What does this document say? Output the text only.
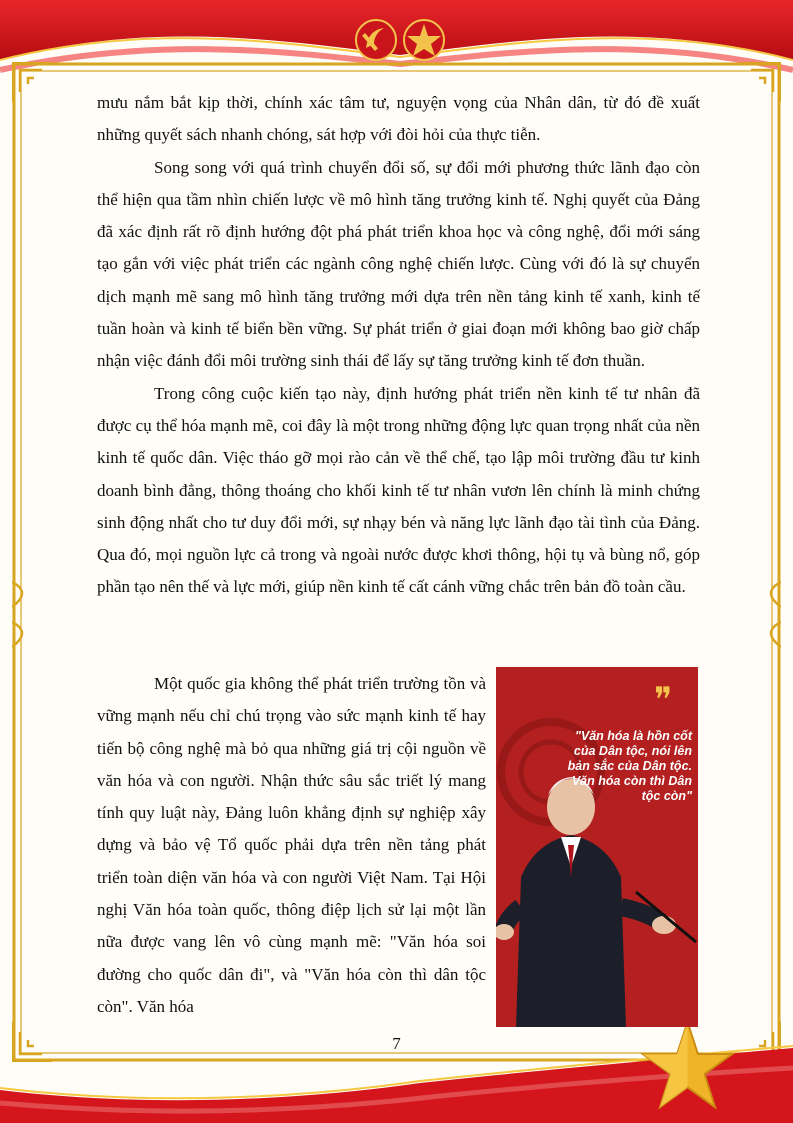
mưu nắm bắt kịp thời, chính xác tâm tư, nguyện vọng của Nhân dân, từ đó đề xuất những quyết sách nhanh chóng, sát hợp với đòi hỏi của thực tiễn.

Song song với quá trình chuyển đổi số, sự đổi mới phương thức lãnh đạo còn thể hiện qua tầm nhìn chiến lược về mô hình tăng trưởng kinh tế. Nghị quyết của Đảng đã xác định rất rõ định hướng đột phá phát triển khoa học và công nghệ, đổi mới sáng tạo gắn với việc phát triển các ngành công nghệ chiến lược. Cùng với đó là sự chuyển dịch mạnh mẽ sang mô hình tăng trưởng mới dựa trên nền tảng kinh tế xanh, kinh tế tuần hoàn và kinh tế biển bền vững. Sự phát triển ở giai đoạn mới không bao giờ chấp nhận việc đánh đổi môi trường sinh thái để lấy sự tăng trưởng kinh tế đơn thuần.

Trong công cuộc kiến tạo này, định hướng phát triển nền kinh tế tư nhân đã được cụ thể hóa mạnh mẽ, coi đây là một trong những động lực quan trọng nhất của nền kinh tế quốc dân. Việc tháo gỡ mọi rào cản về thể chế, tạo lập môi trường đầu tư kinh doanh bình đẳng, thông thoáng cho khối kinh tế tư nhân vươn lên chính là minh chứng sinh động nhất cho tư duy đổi mới, sự nhạy bén và năng lực lãnh đạo tài tình của Đảng. Qua đó, mọi nguồn lực cả trong và ngoài nước được khơi thông, hội tụ và bùng nổ, góp phần tạo nên thế và lực mới, giúp nền kinh tế cất cánh vững chắc trên bản đồ toàn cầu.

Một quốc gia không thể phát triển trường tồn và vững mạnh nếu chỉ chú trọng vào sức mạnh kinh tế hay tiến bộ công nghệ mà bỏ qua những giá trị cội nguồn về văn hóa và con người. Nhận thức sâu sắc triết lý mang tính quy luật này, Đảng luôn khẳng định sự nghiệp xây dựng và bảo vệ Tổ quốc phải dựa trên nền tảng phát triển toàn diện văn hóa và con người Việt Nam. Tại Hội nghị Văn hóa toàn quốc, thông điệp lịch sử lại một lần nữa được vang lên vô cùng mạnh mẽ: "Văn hóa soi đường cho quốc dân đi", và "Văn hóa còn thì dân tộc còn". Văn hóa

❞
"Văn hóa là hồn cốt của Dân tộc, nói lên bản sắc của Dân tộc. Văn hóa còn thì Dân tộc còn"
7
